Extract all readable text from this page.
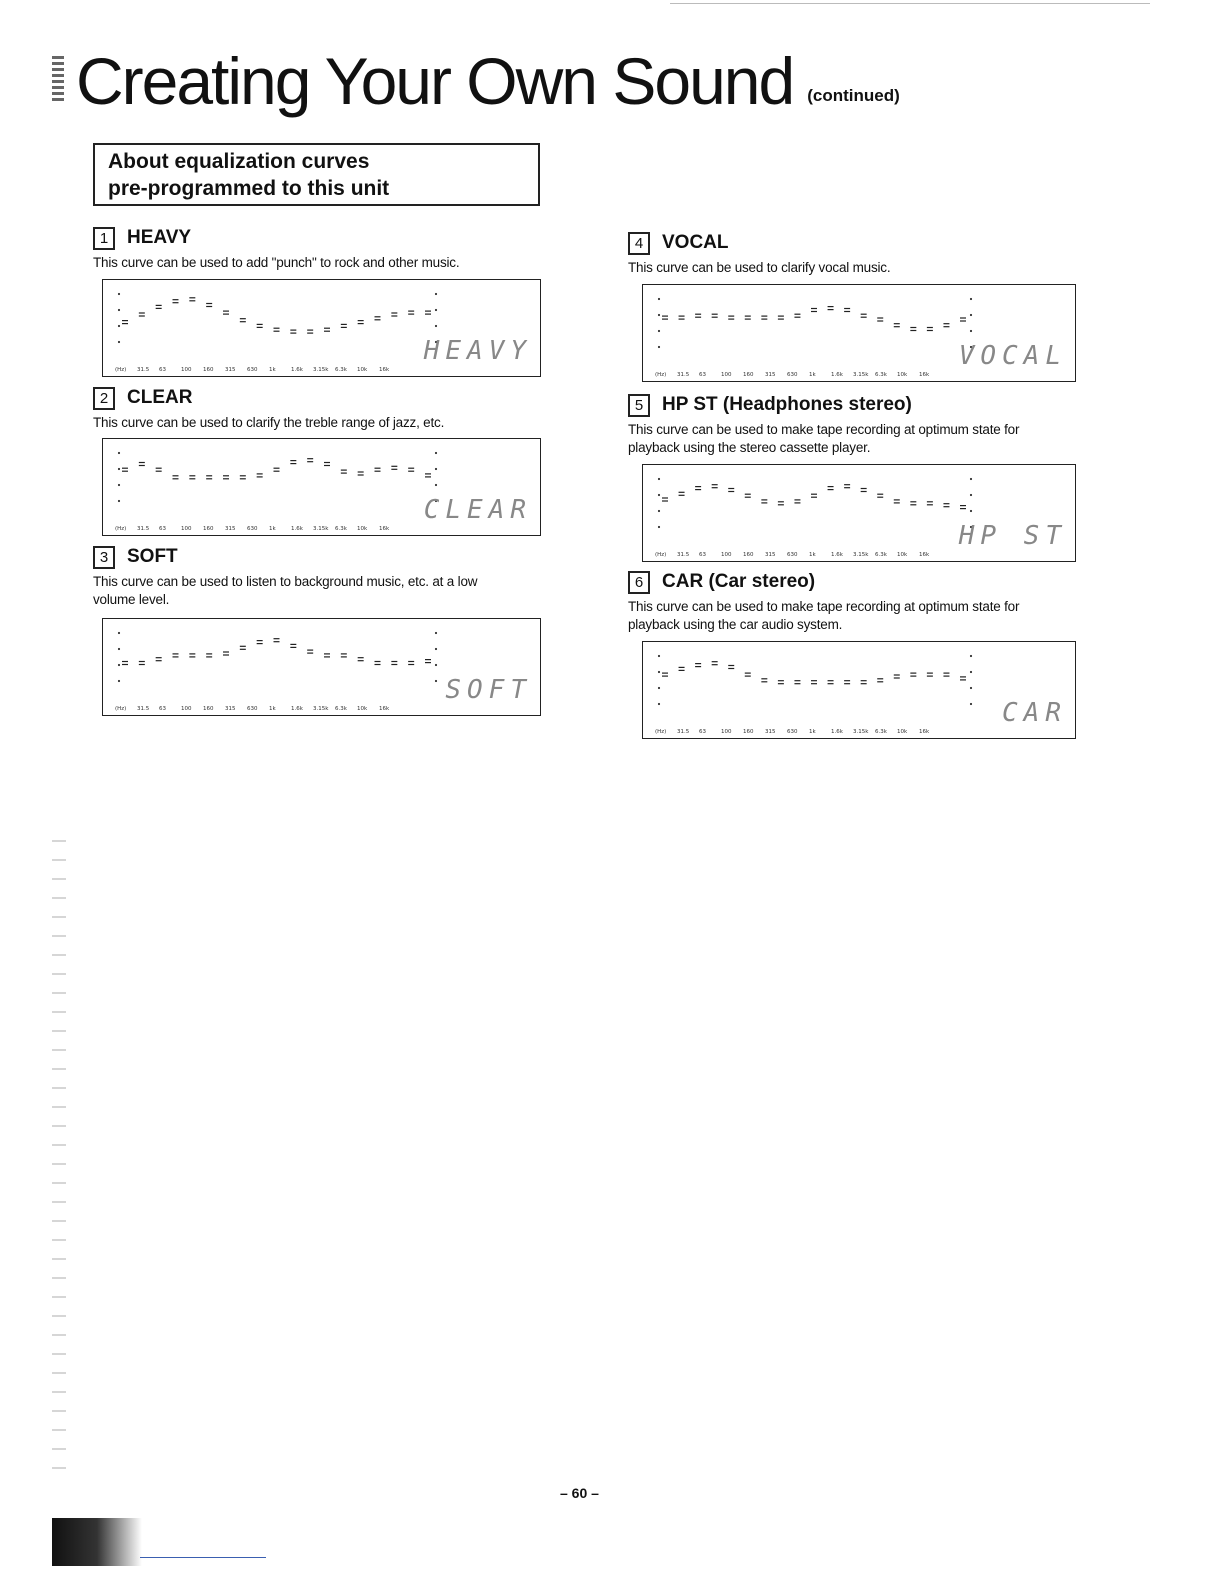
Creating Your Own Sound (continued)
About equalization curves
pre-programmed to this unit
1 HEAVY
This curve can be used to add "punch" to rock and other music.
HEAVY
(Hz)	31.5	63	100	160	315	630	1k	1.6k	3.15k	6.3k	10k	16k
2 CLEAR
This curve can be used to clarify the treble range of jazz, etc.
CLEAR
(Hz)	31.5	63	100	160	315	630	1k	1.6k	3.15k	6.3k	10k	16k
3 SOFT
This curve can be used to listen to background music, etc. at a low
volume level.
SOFT
(Hz)	31.5	63	100	160	315	630	1k	1.6k	3.15k	6.3k	10k	16k
4 VOCAL
This curve can be used to clarify vocal music.
VOCAL
(Hz)	31.5	63	100	160	315	630	1k	1.6k	3.15k	6.3k	10k	16k
5 HP ST (Headphones stereo)
This curve can be used to make tape recording at optimum state for
playback using the stereo cassette player.
HP ST
(Hz)	31.5	63	100	160	315	630	1k	1.6k	3.15k	6.3k	10k	16k
6 CAR (Car stereo)
This curve can be used to make tape recording at optimum state for
playback using the car audio system.
CAR
(Hz)	31.5	63	100	160	315	630	1k	1.6k	3.15k	6.3k	10k	16k
– 60 –
